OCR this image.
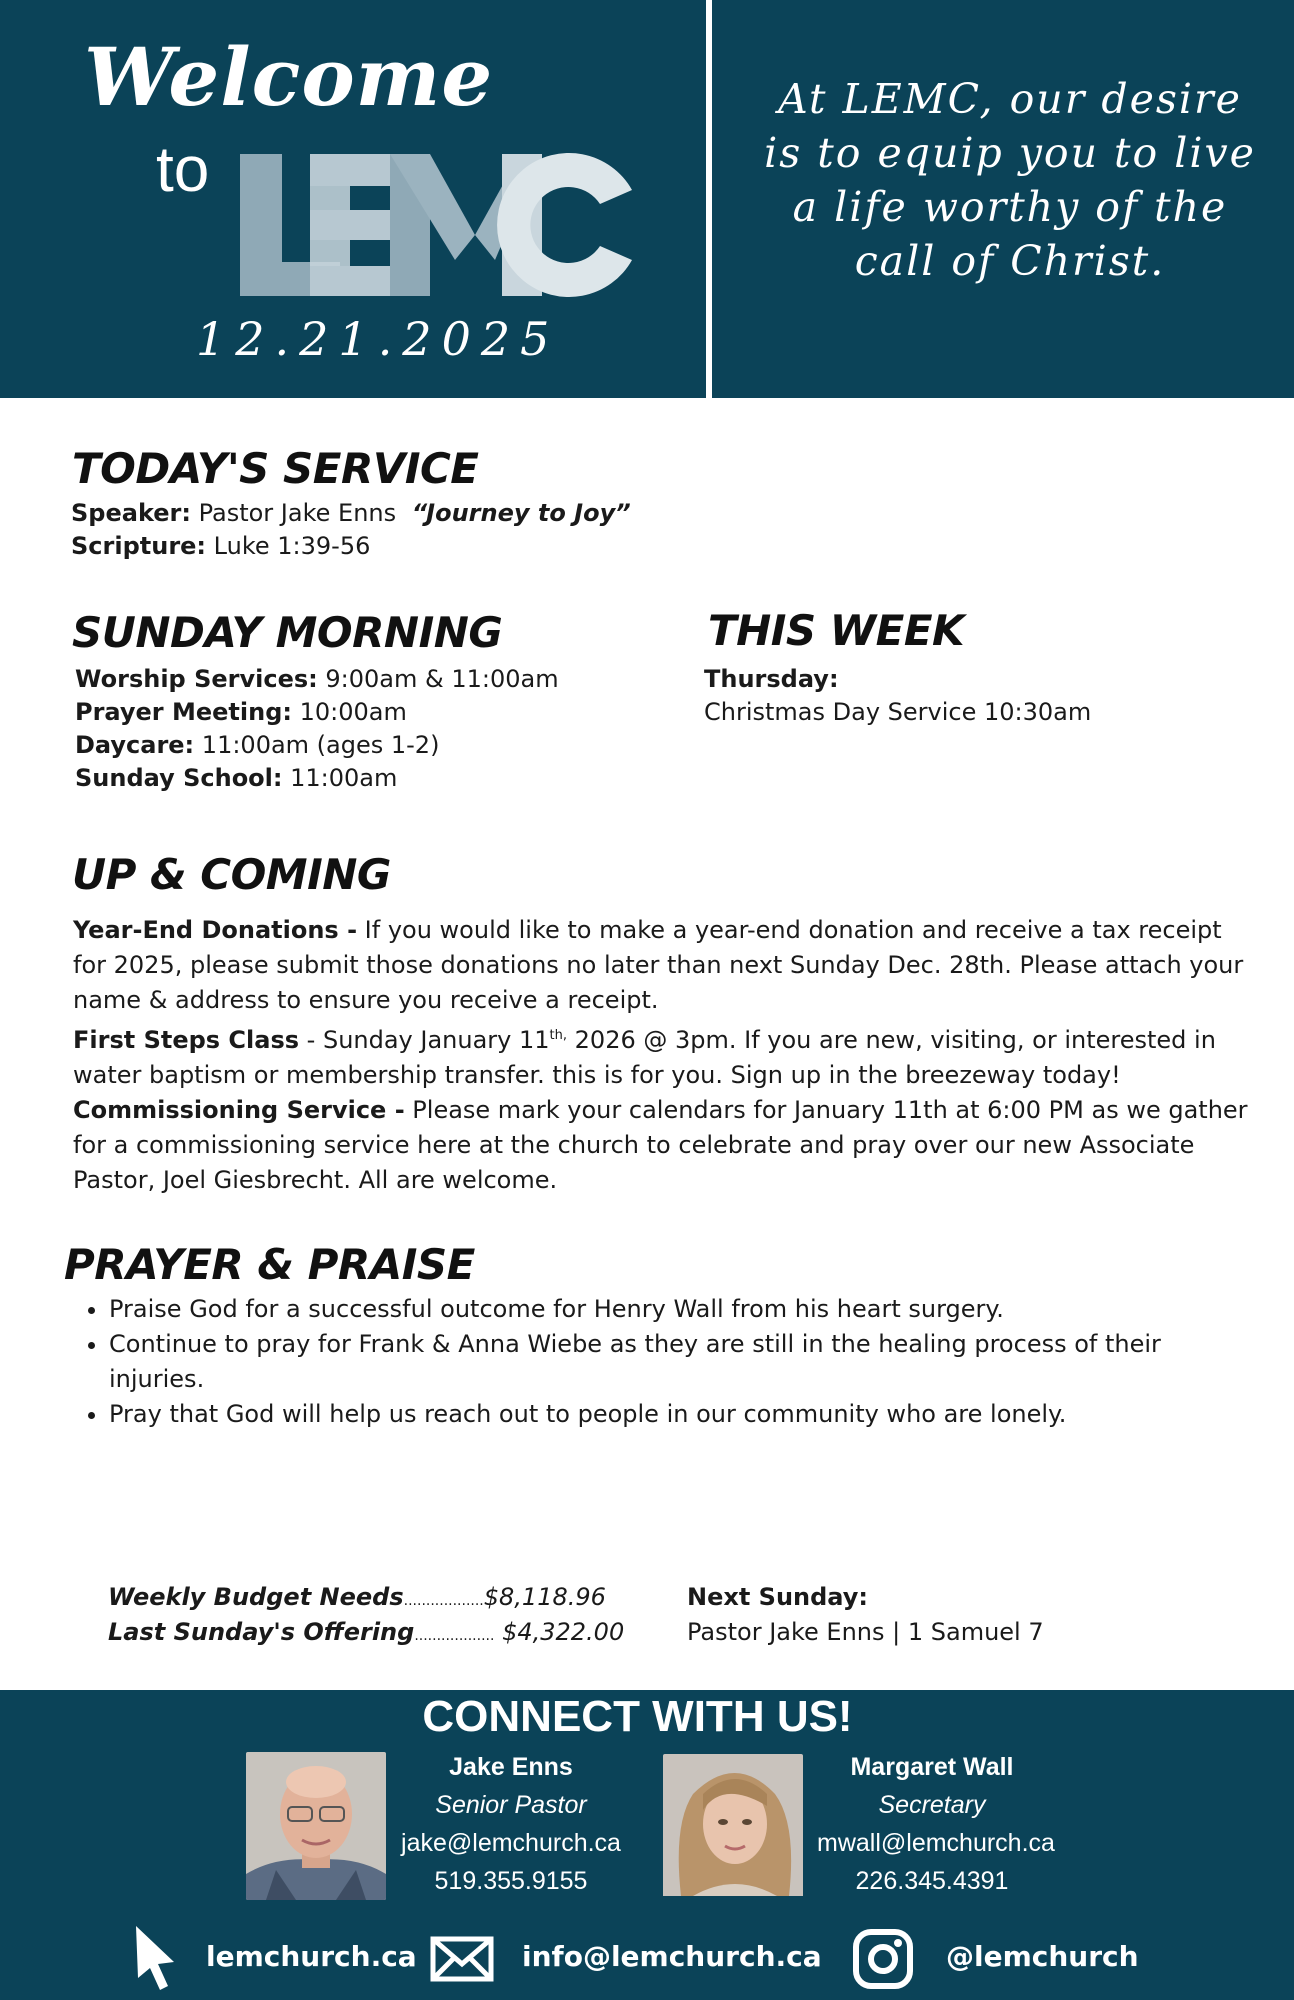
Welcome
to
12.21.2025
At LEMC, our desire is to equip you to live a life worthy of the call of Christ.
TODAY'S SERVICE
Speaker: Pastor Jake Enns “Journey to Joy”
Scripture: Luke 1:39-56
SUNDAY MORNING
Worship Services: 9:00am & 11:00am
Prayer Meeting: 10:00am
Daycare: 11:00am (ages 1-2)
Sunday School: 11:00am
THIS WEEK
Thursday:
Christmas Day Service 10:30am
UP & COMING
Year-End Donations - If you would like to make a year-end donation and receive a tax receipt for 2025, please submit those donations no later than next Sunday Dec. 28th. Please attach your name & address to ensure you receive a receipt.
First Steps Class - Sunday January $11^{th,}$ 2026 @ 3pm. If you are new, visiting, or interested in water baptism or membership transfer. this is for you. Sign up in the breezeway today!
Commissioning Service - Please mark your calendars for January 11th at 6:00 PM as we gather for a commissioning service here at the church to celebrate and pray over our new Associate Pastor, Joel Giesbrecht. All are welcome.
PRAYER & PRAISE
• Praise God for a successful outcome for Henry Wall from his heart surgery.
• Continue to pray for Frank & Anna Wiebe as they are still in the healing process of their injuries.
• Pray that God will help us reach out to people in our community who are lonely.
Weekly Budget Needs..................$8,118.96
Last Sunday's Offering.................. $4,322.00
Next Sunday:
Pastor Jake Enns | 1 Samuel 7
CONNECT WITH US!
Jake Enns
Senior Pastor
jake@lemchurch.ca
519.355.9155
Margaret Wall
Secretary
mwall@lemchurch.ca
226.345.4391
lemchurch.ca	info@lemchurch.ca	@lemchurch
